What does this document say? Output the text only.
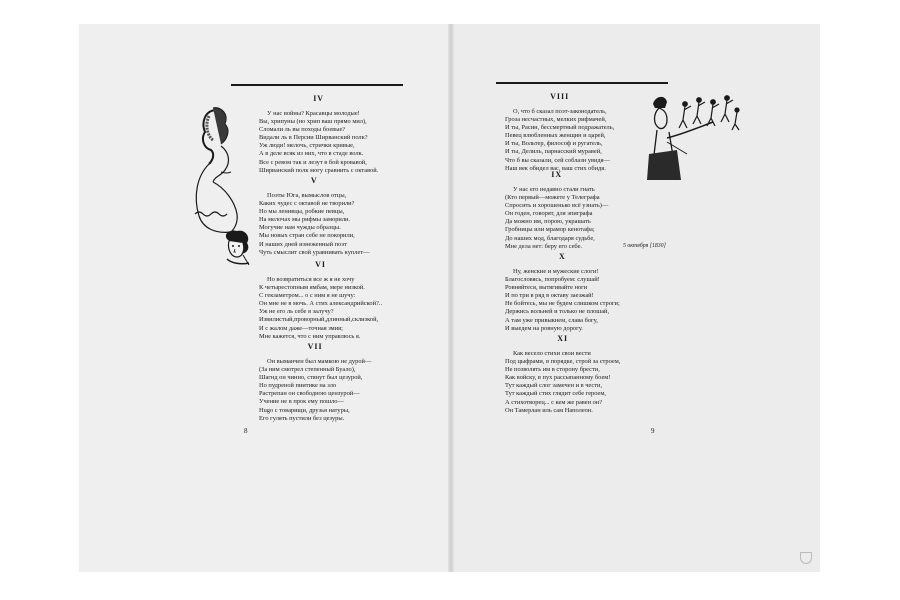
IV
У нас войны? Красавцы молодые!
Вы, хрипуны (но хрип ваш прямо мил),
Сломали ль вы походы боевые?
Видали ль в Персии Ширванский полк?
Уж люди! мелочь, стрички кривые,
А в деле всяк из них, что в стаде волк.
Все с ревом так и лезут в бой кровавой,
Ширванский полк могу сравнить с октавой.
V
Поэты Юга, вымыслов отцы,
Каких чудес с октавой не творили?
Но мы ленивцы, робкие певцы,
На мелочах мы рифмы заморили.
Могучие нам чужды образцы.
Мы новых стран себе не покорили,
И наших дней изнеженный поэт
Чуть смыслит свой уравнивать куплет—
VI
Но возвратиться все ж я не хочу
К четырестопным ямбам, мере низкой.
С гекзаметром... о с ним я не шучу:
Он мне не в мочь. А стих александрийской?..
Уж не его ль себе я залучу?
Извилистый,проворный,длинный,склизкой,
И с жалом даже—точная змия;
Мне кажется, что с ним управлюсь я.
VII
Он выманчен был мамкою не дурой—
(За ним смотрел степенный Буало),
Шагнд он чинно, стянут был цезурой,
Но пудреной пиитике на зло
Растрепан он свободною цензурой—
Учение не в прок ему пошло—
Hugo с товарищи, друзья натуры,
Его гулять пустили без цезуры.
8
VIII
О, что б сказал поэт-законодатель,
Гроза несчастных, мелких рифмачей,
И ты, Расин, бессмертный подражатель,
Певец влюбленных женщин и царей,
И ты, Вольтер, философ и ругатель,
И ты, Делиль, парнасский муравей,
Что б вы сказали, сей соблазн увидя—
Наш век обидел вас, ваш стих обидя.
IX
У нас его недавно стали гнать
(Кто первый—можете у Телеграфа
Спросить и хорошенько всё узнать)—
Он годен, говорят, для эпиграфа
Да можно им, порою, украшать
Гробницы или мрамор кенотафа;
До наших мод, благодаря судьбе,
Мне дела нет: беру его себе.	5 октября [1830]
X
Ну, женские и мужеские слоги!
Благословясь, попробуем: слушай!
Ровняйтеся, вытягивайте ноги
И по три в ряд в октаву заезжай!
Не бойтесь, мы не будем слишком строги;
Держись вольней и только не плошай,
А там уже привыкнем, слава богу,
И выедем на ровную дорогу.
XI
Как весело стихи свои вести
Под цыфрами, в порядке, строй за строем,
Не позволять им в сторону брести,
Как войску, в пух рассыпанному боем!
Тут каждый слог замечен и в чести,
Тут каждый стих глядит себе героем,
А стихотворец... с кем же равен он?
Он Тамерлан иль сам Наполеон.
9
